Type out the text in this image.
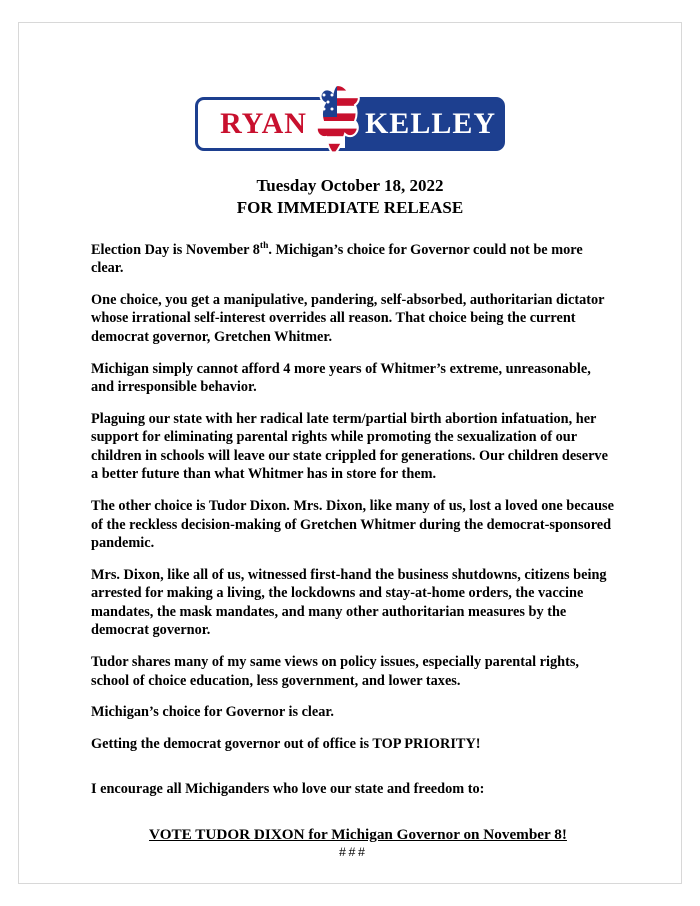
RYAN	KELLEY
Tuesday October 18, 2022
FOR IMMEDIATE RELEASE

Election Day is November 8th. Michigan’s choice for Governor could not be more clear.

One choice, you get a manipulative, pandering, self-absorbed, authoritarian dictator whose irrational self-interest overrides all reason. That choice being the current democrat governor, Gretchen Whitmer.

Michigan simply cannot afford 4 more years of Whitmer’s extreme, unreasonable, and irresponsible behavior.

Plaguing our state with her radical late term/partial birth abortion infatuation, her support for eliminating parental rights while promoting the sexualization of our children in schools will leave our state crippled for generations. Our children deserve a better future than what Whitmer has in store for them.

The other choice is Tudor Dixon. Mrs. Dixon, like many of us, lost a loved one because of the reckless decision-making of Gretchen Whitmer during the democrat-sponsored pandemic.

Mrs. Dixon, like all of us, witnessed first-hand the business shutdowns, citizens being arrested for making a living, the lockdowns and stay-at-home orders, the vaccine mandates, the mask mandates, and many other authoritarian measures by the democrat governor.

Tudor shares many of my same views on policy issues, especially parental rights, school of choice education, less government, and lower taxes.

Michigan’s choice for Governor is clear.

Getting the democrat governor out of office is TOP PRIORITY!

I encourage all Michiganders who love our state and freedom to:

VOTE TUDOR DIXON for Michigan Governor on November 8!

###
